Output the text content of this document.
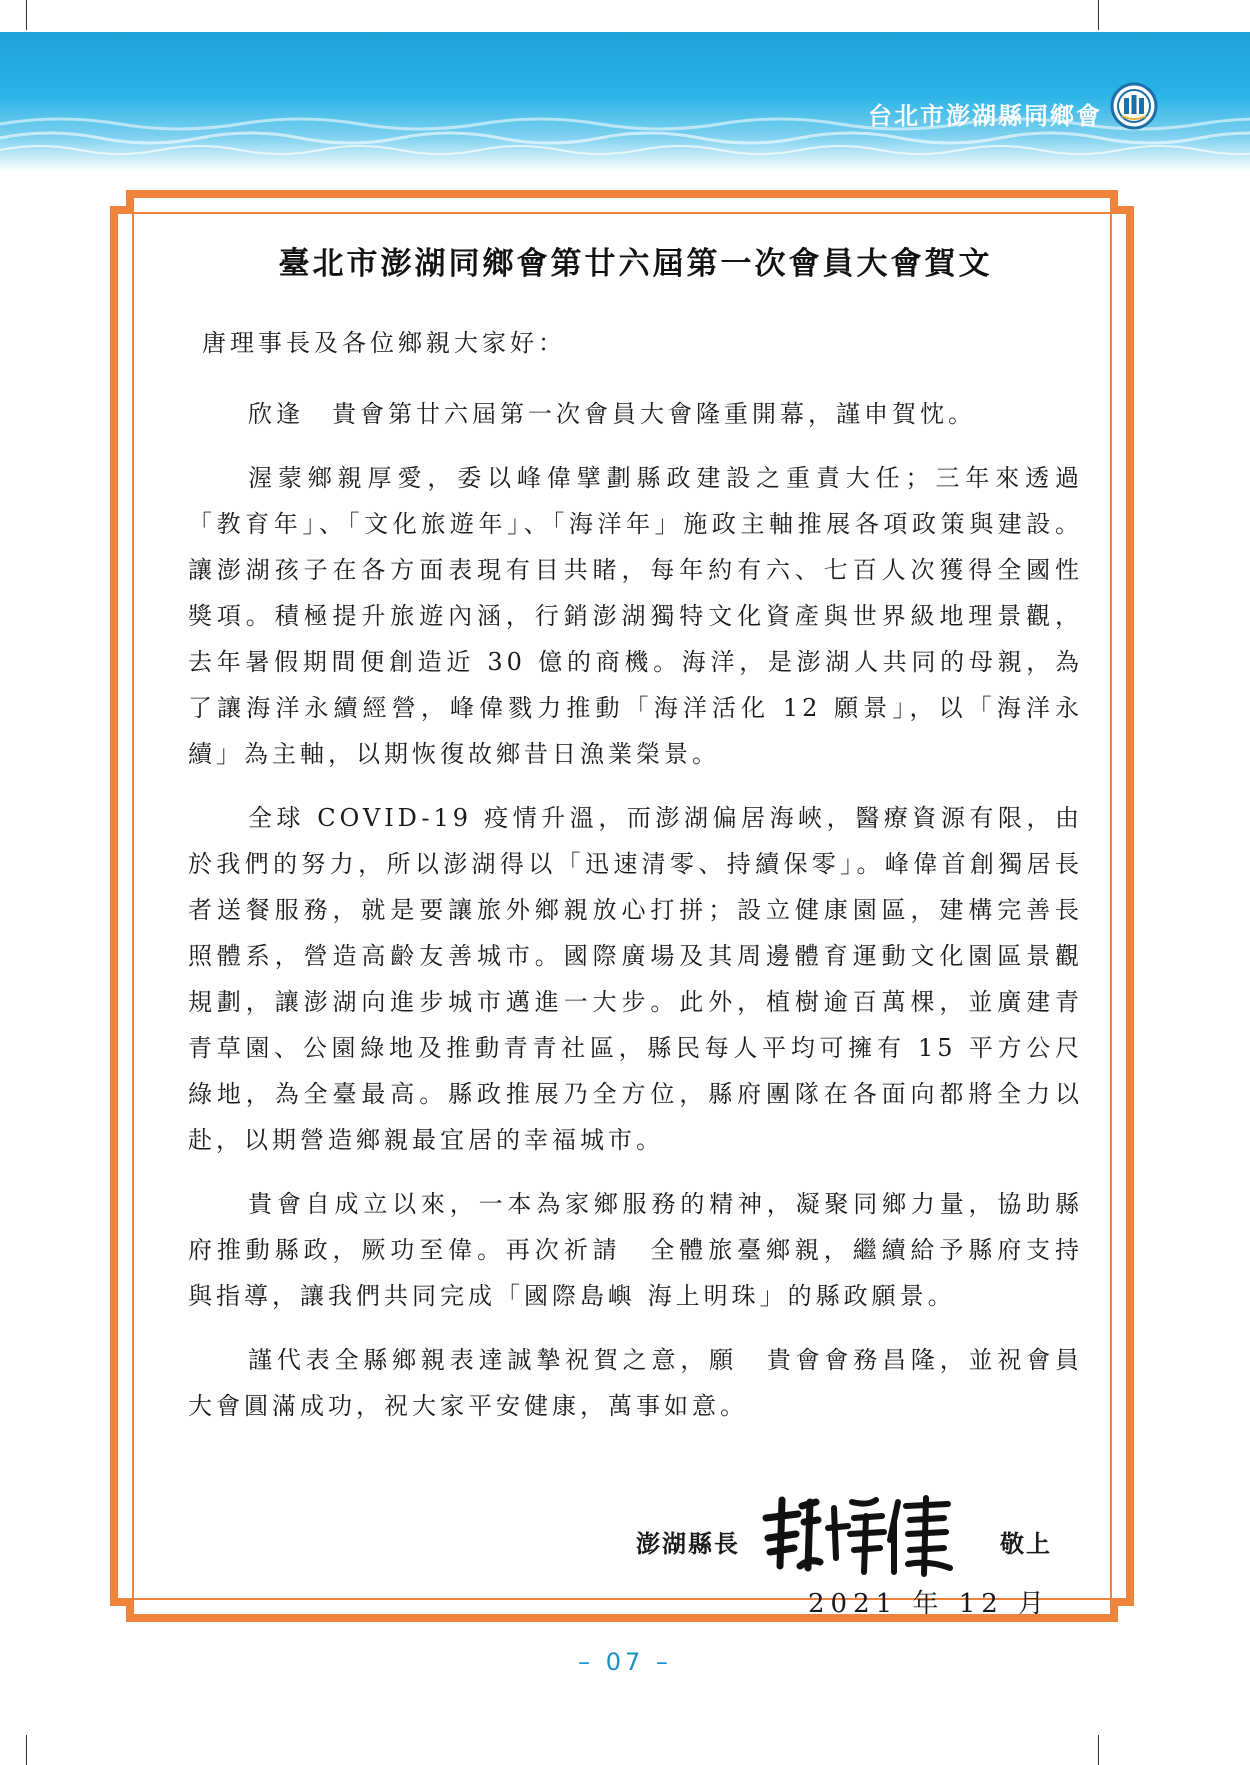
台北市澎湖縣同鄉會
臺北市澎湖同鄉會第廿六屆第一次會員大會賀文

唐理事長及各位鄉親大家好：

欣逢　貴會第廿六屆第一次會員大會隆重開幕，謹申賀忱。

渥蒙鄉親厚愛，委以峰偉擘劃縣政建設之重責大任；三年來透過「教育年」、「文化旅遊年」、「海洋年」施政主軸推展各項政策與建設。讓澎湖孩子在各方面表現有目共睹，每年約有六、七百人次獲得全國性獎項。積極提升旅遊內涵，行銷澎湖獨特文化資產與世界級地理景觀，去年暑假期間便創造近 30 億的商機。海洋，是澎湖人共同的母親，為了讓海洋永續經營，峰偉戮力推動「海洋活化 12 願景」，以「海洋永續」為主軸，以期恢復故鄉昔日漁業榮景。

全球 COVID-19 疫情升溫，而澎湖偏居海峽，醫療資源有限，由於我們的努力，所以澎湖得以「迅速清零、持續保零」。峰偉首創獨居長者送餐服務，就是要讓旅外鄉親放心打拼；設立健康園區，建構完善長照體系，營造高齡友善城市。國際廣場及其周邊體育運動文化園區景觀規劃，讓澎湖向進步城市邁進一大步。此外，植樹逾百萬棵，並廣建青青草園、公園綠地及推動青青社區，縣民每人平均可擁有 15 平方公尺綠地，為全臺最高。縣政推展乃全方位，縣府團隊在各面向都將全力以赴，以期營造鄉親最宜居的幸福城市。

貴會自成立以來，一本為家鄉服務的精神，凝聚同鄉力量，協助縣府推動縣政，厥功至偉。再次祈請　全體旅臺鄉親，繼續給予縣府支持與指導，讓我們共同完成「國際島嶼 海上明珠」的縣政願景。

謹代表全縣鄉親表達誠摯祝賀之意，願　貴會會務昌隆，並祝會員大會圓滿成功，祝大家平安健康，萬事如意。

澎湖縣長	敬上
2021 年 12 月
– 07 –
